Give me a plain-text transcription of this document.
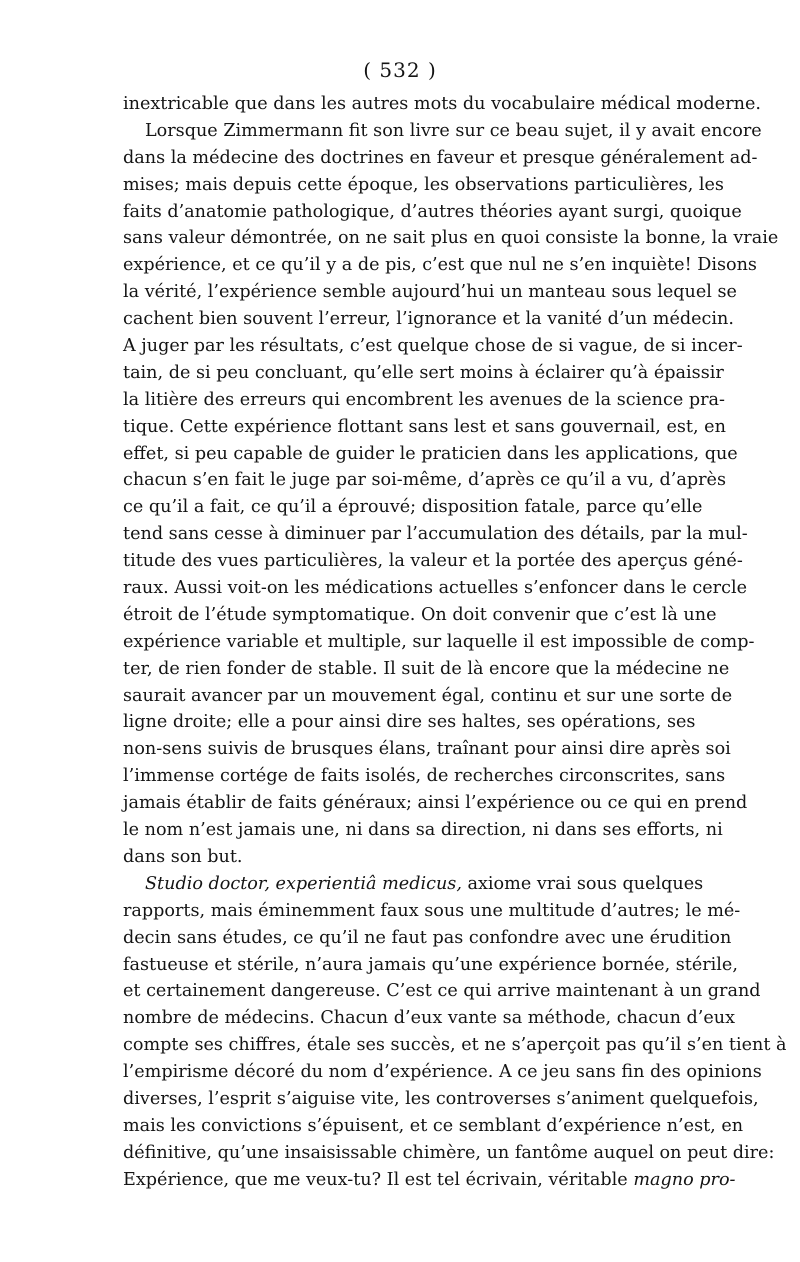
( 532 )
inextricable que dans les autres mots du vocabulaire médical moderne.
Lorsque Zimmermann fit son livre sur ce beau sujet, il y avait encore
dans la médecine des doctrines en faveur et presque généralement ad-
mises; mais depuis cette époque, les observations particulières, les
faits d’anatomie pathologique, d’autres théories ayant surgi, quoique
sans valeur démontrée, on ne sait plus en quoi consiste la bonne, la vraie
expérience, et ce qu’il y a de pis, c’est que nul ne s’en inquiète! Disons
la vérité, l’expérience semble aujourd’hui un manteau sous lequel se
cachent bien souvent l’erreur, l’ignorance et la vanité d’un médecin.
A juger par les résultats, c’est quelque chose de si vague, de si incer-
tain, de si peu concluant, qu’elle sert moins à éclairer qu’à épaissir
la litière des erreurs qui encombrent les avenues de la science pra-
tique. Cette expérience flottant sans lest et sans gouvernail, est, en
effet, si peu capable de guider le praticien dans les applications, que
chacun s’en fait le juge par soi-même, d’après ce qu’il a vu, d’après
ce qu’il a fait, ce qu’il a éprouvé; disposition fatale, parce qu’elle
tend sans cesse à diminuer par l’accumulation des détails, par la mul-
titude des vues particulières, la valeur et la portée des aperçus géné-
raux. Aussi voit-on les médications actuelles s’enfoncer dans le cercle
étroit de l’étude symptomatique. On doit convenir que c’est là une
expérience variable et multiple, sur laquelle il est impossible de comp-
ter, de rien fonder de stable. Il suit de là encore que la médecine ne
saurait avancer par un mouvement égal, continu et sur une sorte de
ligne droite; elle a pour ainsi dire ses haltes, ses opérations, ses
non-sens suivis de brusques élans, traînant pour ainsi dire après soi
l’immense cortége de faits isolés, de recherches circonscrites, sans
jamais établir de faits généraux; ainsi l’expérience ou ce qui en prend
le nom n’est jamais une, ni dans sa direction, ni dans ses efforts, ni
dans son but.
Studio doctor, experientiâ medicus, axiome vrai sous quelques
rapports, mais éminemment faux sous une multitude d’autres; le mé-
decin sans études, ce qu’il ne faut pas confondre avec une érudition
fastueuse et stérile, n’aura jamais qu’une expérience bornée, stérile,
et certainement dangereuse. C’est ce qui arrive maintenant à un grand
nombre de médecins. Chacun d’eux vante sa méthode, chacun d’eux
compte ses chiffres, étale ses succès, et ne s’aperçoit pas qu’il s’en tient à
l’empirisme décoré du nom d’expérience. A ce jeu sans fin des opinions
diverses, l’esprit s’aiguise vite, les controverses s’animent quelquefois,
mais les convictions s’épuisent, et ce semblant d’expérience n’est, en
définitive, qu’une insaisissable chimère, un fantôme auquel on peut dire:
Expérience, que me veux-tu? Il est tel écrivain, véritable magno pro-
